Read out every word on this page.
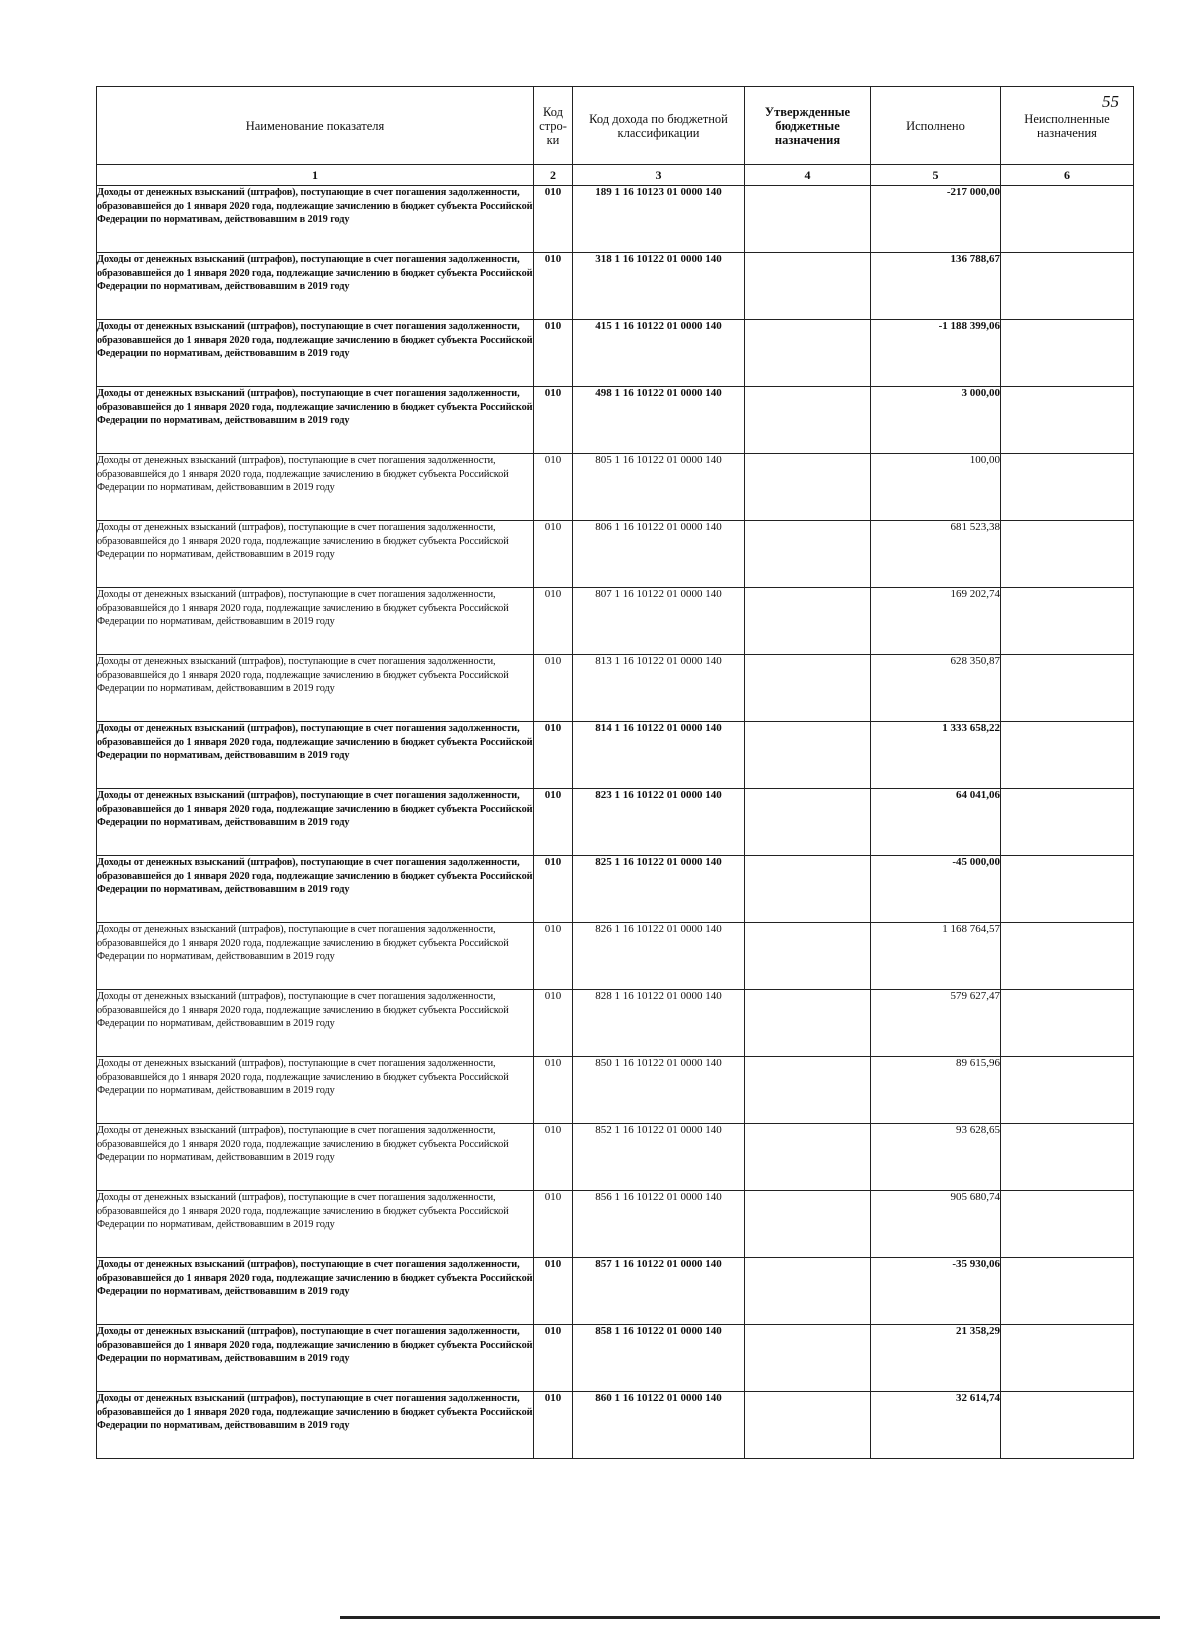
55
Наименование показателя	Код стро-ки	Код дохода по бюджетной классификации	Утвержденные бюджетные назначения	Исполнено	Неисполненные назначения
1	2	3	4	5	6
Доходы от денежных взысканий (штрафов), поступающие в счет погашения задолженности, образовавшейся до 1 января 2020 года, подлежащие зачислению в бюджет субъекта Российской Федерации по нормативам, действовавшим в 2019 году	010	189 1 16 10123 01 0000 140		-217 000,00	
Доходы от денежных взысканий (штрафов), поступающие в счет погашения задолженности, образовавшейся до 1 января 2020 года, подлежащие зачислению в бюджет субъекта Российской Федерации по нормативам, действовавшим в 2019 году	010	318 1 16 10122 01 0000 140		136 788,67	
Доходы от денежных взысканий (штрафов), поступающие в счет погашения задолженности, образовавшейся до 1 января 2020 года, подлежащие зачислению в бюджет субъекта Российской Федерации по нормативам, действовавшим в 2019 году	010	415 1 16 10122 01 0000 140		-1 188 399,06	
Доходы от денежных взысканий (штрафов), поступающие в счет погашения задолженности, образовавшейся до 1 января 2020 года, подлежащие зачислению в бюджет субъекта Российской Федерации по нормативам, действовавшим в 2019 году	010	498 1 16 10122 01 0000 140		3 000,00	
Доходы от денежных взысканий (штрафов), поступающие в счет погашения задолженности, образовавшейся до 1 января 2020 года, подлежащие зачислению в бюджет субъекта Российской Федерации по нормативам, действовавшим в 2019 году	010	805 1 16 10122 01 0000 140		100,00	
Доходы от денежных взысканий (штрафов), поступающие в счет погашения задолженности, образовавшейся до 1 января 2020 года, подлежащие зачислению в бюджет субъекта Российской Федерации по нормативам, действовавшим в 2019 году	010	806 1 16 10122 01 0000 140		681 523,38	
Доходы от денежных взысканий (штрафов), поступающие в счет погашения задолженности, образовавшейся до 1 января 2020 года, подлежащие зачислению в бюджет субъекта Российской Федерации по нормативам, действовавшим в 2019 году	010	807 1 16 10122 01 0000 140		169 202,74	
Доходы от денежных взысканий (штрафов), поступающие в счет погашения задолженности, образовавшейся до 1 января 2020 года, подлежащие зачислению в бюджет субъекта Российской Федерации по нормативам, действовавшим в 2019 году	010	813 1 16 10122 01 0000 140		628 350,87	
Доходы от денежных взысканий (штрафов), поступающие в счет погашения задолженности, образовавшейся до 1 января 2020 года, подлежащие зачислению в бюджет субъекта Российской Федерации по нормативам, действовавшим в 2019 году	010	814 1 16 10122 01 0000 140		1 333 658,22	
Доходы от денежных взысканий (штрафов), поступающие в счет погашения задолженности, образовавшейся до 1 января 2020 года, подлежащие зачислению в бюджет субъекта Российской Федерации по нормативам, действовавшим в 2019 году	010	823 1 16 10122 01 0000 140		64 041,06	
Доходы от денежных взысканий (штрафов), поступающие в счет погашения задолженности, образовавшейся до 1 января 2020 года, подлежащие зачислению в бюджет субъекта Российской Федерации по нормативам, действовавшим в 2019 году	010	825 1 16 10122 01 0000 140		-45 000,00	
Доходы от денежных взысканий (штрафов), поступающие в счет погашения задолженности, образовавшейся до 1 января 2020 года, подлежащие зачислению в бюджет субъекта Российской Федерации по нормативам, действовавшим в 2019 году	010	826 1 16 10122 01 0000 140		1 168 764,57	
Доходы от денежных взысканий (штрафов), поступающие в счет погашения задолженности, образовавшейся до 1 января 2020 года, подлежащие зачислению в бюджет субъекта Российской Федерации по нормативам, действовавшим в 2019 году	010	828 1 16 10122 01 0000 140		579 627,47	
Доходы от денежных взысканий (штрафов), поступающие в счет погашения задолженности, образовавшейся до 1 января 2020 года, подлежащие зачислению в бюджет субъекта Российской Федерации по нормативам, действовавшим в 2019 году	010	850 1 16 10122 01 0000 140		89 615,96	
Доходы от денежных взысканий (штрафов), поступающие в счет погашения задолженности, образовавшейся до 1 января 2020 года, подлежащие зачислению в бюджет субъекта Российской Федерации по нормативам, действовавшим в 2019 году	010	852 1 16 10122 01 0000 140		93 628,65	
Доходы от денежных взысканий (штрафов), поступающие в счет погашения задолженности, образовавшейся до 1 января 2020 года, подлежащие зачислению в бюджет субъекта Российской Федерации по нормативам, действовавшим в 2019 году	010	856 1 16 10122 01 0000 140		905 680,74	
Доходы от денежных взысканий (штрафов), поступающие в счет погашения задолженности, образовавшейся до 1 января 2020 года, подлежащие зачислению в бюджет субъекта Российской Федерации по нормативам, действовавшим в 2019 году	010	857 1 16 10122 01 0000 140		-35 930,06	
Доходы от денежных взысканий (штрафов), поступающие в счет погашения задолженности, образовавшейся до 1 января 2020 года, подлежащие зачислению в бюджет субъекта Российской Федерации по нормативам, действовавшим в 2019 году	010	858 1 16 10122 01 0000 140		21 358,29	
Доходы от денежных взысканий (штрафов), поступающие в счет погашения задолженности, образовавшейся до 1 января 2020 года, подлежащие зачислению в бюджет субъекта Российской Федерации по нормативам, действовавшим в 2019 году	010	860 1 16 10122 01 0000 140		32 614,74	
